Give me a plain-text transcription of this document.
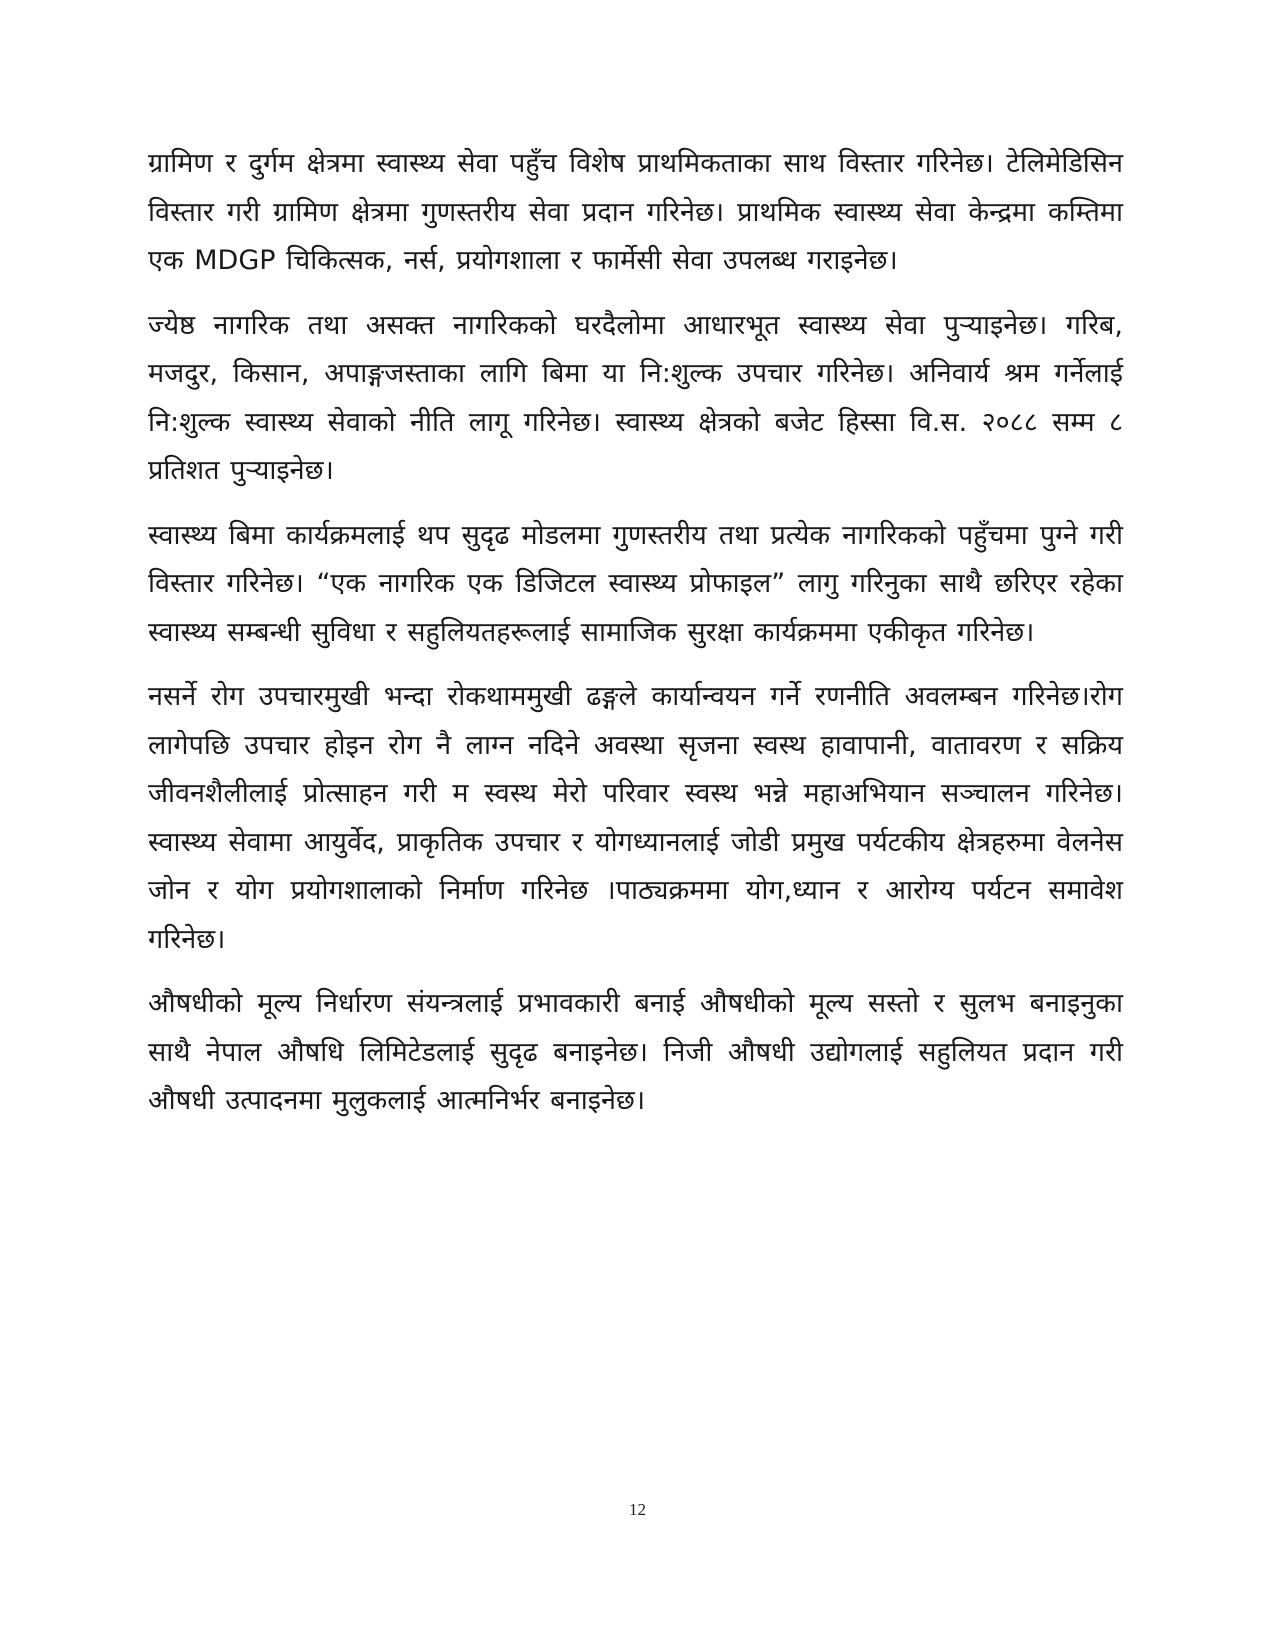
ग्रामिण र दुर्गम क्षेत्रमा स्वास्थ्य सेवा पहुँच विशेष प्राथमिकताका साथ विस्तार गरिनेछ। टेलिमेडिसिन विस्तार गरी ग्रामिण क्षेत्रमा गुणस्तरीय सेवा प्रदान गरिनेछ। प्राथमिक स्वास्थ्य सेवा केन्द्रमा कम्तिमा एक MDGP चिकित्सक, नर्स, प्रयोगशाला र फार्मेसी सेवा उपलब्ध गराइनेछ।

ज्येष्ठ नागरिक तथा असक्त नागरिकको घरदैलोमा आधारभूत स्वास्थ्य सेवा पुऱ्याइनेछ। गरिब, मजदुर, किसान, अपाङ्गजस्ताका लागि बिमा या नि:शुल्क उपचार गरिनेछ। अनिवार्य श्रम गर्नेलाई नि:शुल्क स्वास्थ्य सेवाको नीति लागू गरिनेछ। स्वास्थ्य क्षेत्रको बजेट हिस्सा वि.स. २०८८ सम्म ८ प्रतिशत पुऱ्याइनेछ।

स्वास्थ्य बिमा कार्यक्रमलाई थप सुदृढ मोडलमा गुणस्तरीय तथा प्रत्येक नागरिकको पहुँचमा पुग्ने गरी विस्तार गरिनेछ। “एक नागरिक एक डिजिटल स्वास्थ्य प्रोफाइल” लागु गरिनुका साथै छरिएर रहेका स्वास्थ्य सम्बन्धी सुविधा र सहुलियतहरूलाई सामाजिक सुरक्षा कार्यक्रममा एकीकृत गरिनेछ।

नसर्ने रोग उपचारमुखी भन्दा रोकथाममुखी ढङ्गले कार्यान्वयन गर्ने रणनीति अवलम्बन गरिनेछ।रोग लागेपछि उपचार होइन रोग नै लाग्न नदिने अवस्था सृजना स्वस्थ हावापानी, वातावरण र सक्रिय जीवनशैलीलाई प्रोत्साहन गरी म स्वस्थ मेरो परिवार स्वस्थ भन्ने महाअभियान सञ्चालन गरिनेछ। स्वास्थ्य सेवामा आयुर्वेद, प्राकृतिक उपचार र योगध्यानलाई जोडी प्रमुख पर्यटकीय क्षेत्रहरुमा वेलनेस जोन र योग प्रयोगशालाको निर्माण गरिनेछ ।पाठ्यक्रममा योग,ध्यान र आरोग्य पर्यटन समावेश गरिनेछ।

औषधीको मूल्य निर्धारण संयन्त्रलाई प्रभावकारी बनाई औषधीको मूल्य सस्तो र सुलभ बनाइनुका साथै नेपाल औषधि लिमिटेडलाई सुदृढ बनाइनेछ। निजी औषधी उद्योगलाई सहुलियत प्रदान गरी औषधी उत्पादनमा मुलुकलाई आत्मनिर्भर बनाइनेछ।

12
